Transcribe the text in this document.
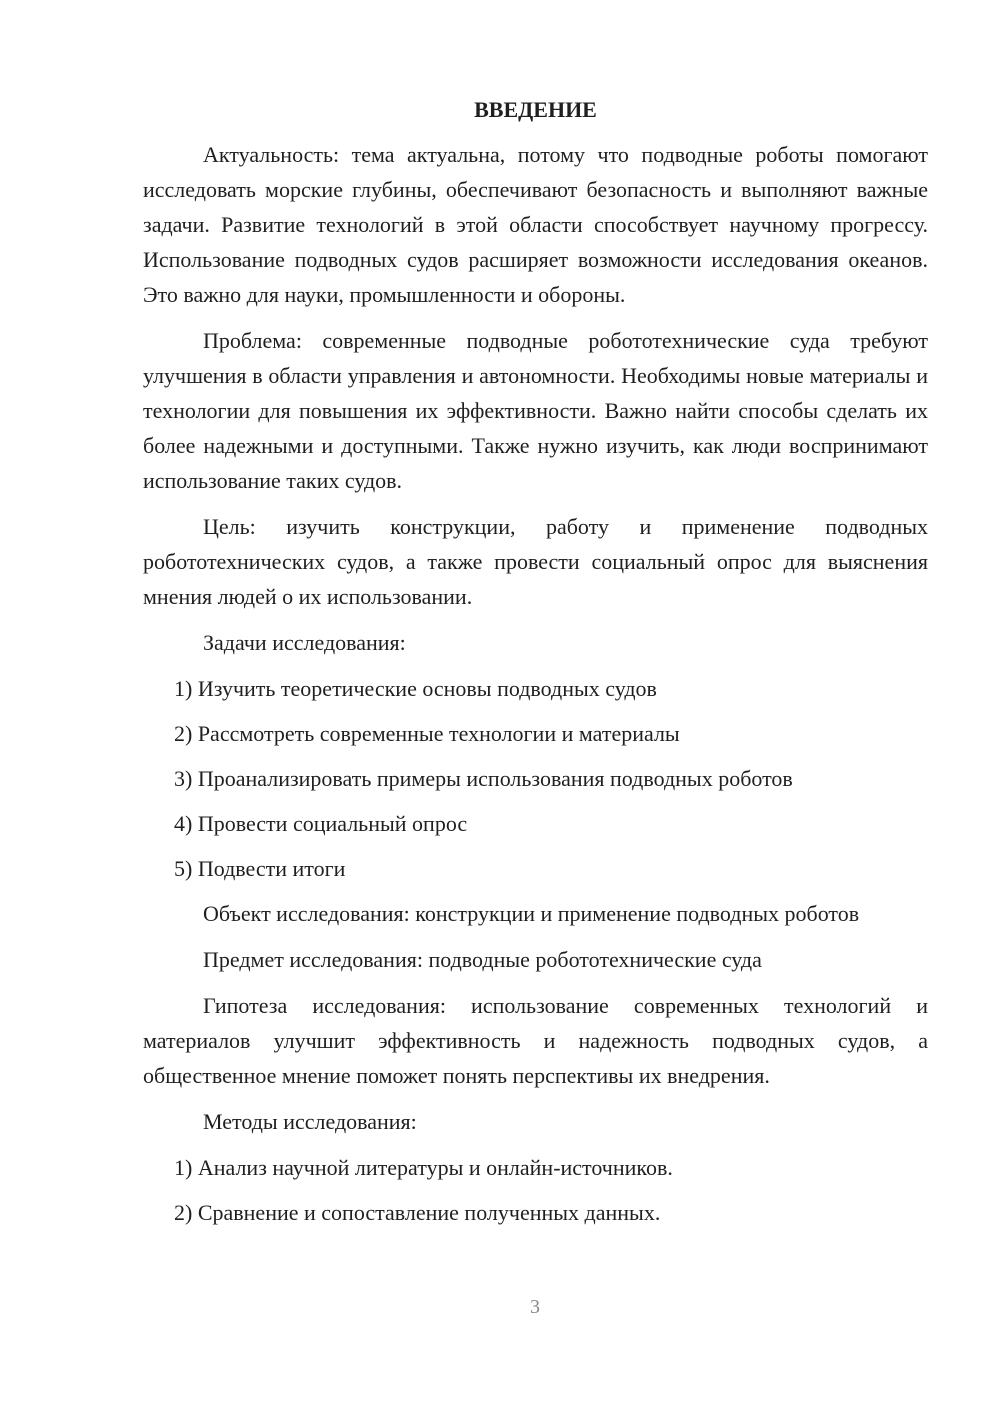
ВВЕДЕНИЕ

Актуальность: тема актуальна, потому что подводные роботы помогают исследовать морские глубины, обеспечивают безопасность и выполняют важные задачи. Развитие технологий в этой области способствует научному прогрессу. Использование подводных судов расширяет возможности исследования океанов. Это важно для науки, промышленности и обороны.

Проблема: современные подводные робототехнические суда требуют улучшения в области управления и автономности. Необходимы новые материалы и технологии для повышения их эффективности. Важно найти способы сделать их более надежными и доступными. Также нужно изучить, как люди воспринимают использование таких судов.

Цель: изучить конструкции, работу и применение подводных робототехнических судов, а также провести социальный опрос для выяснения мнения людей о их использовании.

Задачи исследования:
1) Изучить теоретические основы подводных судов
2) Рассмотреть современные технологии и материалы
3) Проанализировать примеры использования подводных роботов
4) Провести социальный опрос
5) Подвести итоги

Объект исследования: конструкции и применение подводных роботов

Предмет исследования: подводные робототехнические суда

Гипотеза исследования: использование современных технологий и материалов улучшит эффективность и надежность подводных судов, а общественное мнение поможет понять перспективы их внедрения.

Методы исследования:
1) Анализ научной литературы и онлайн-источников.
2) Сравнение и сопоставление полученных данных.
3
